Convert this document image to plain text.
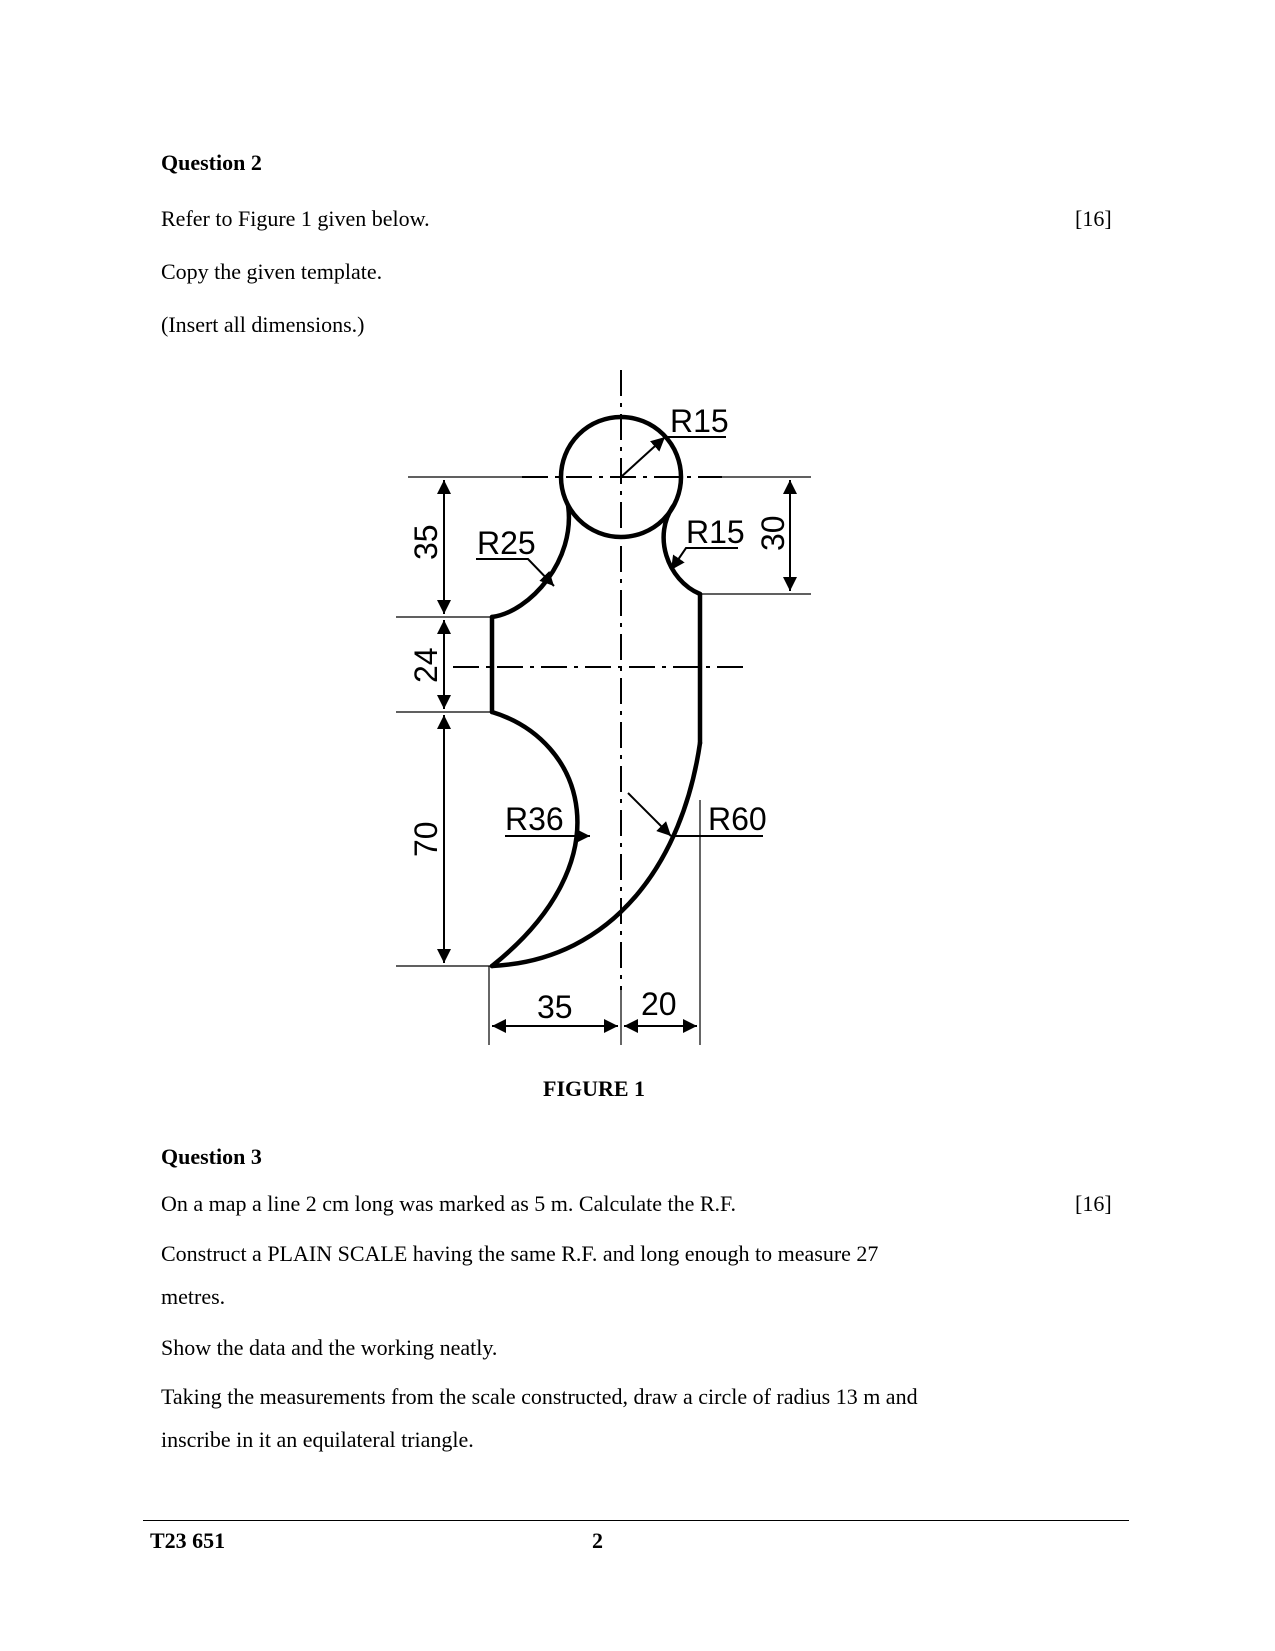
Question 2
Refer to Figure 1 given below.	[16]
Copy the given template.
(Insert all dimensions.)
R15
R25	R15
R36	R60
35
24
70
30
35 20
FIGURE 1
Question 3
On a map a line 2 cm long was marked as 5 m. Calculate the R.F.	[16]
Construct a PLAIN SCALE having the same R.F. and long enough to measure 27
metres.
Show the data and the working neatly.
Taking the measurements from the scale constructed, draw a circle of radius 13 m and
inscribe in it an equilateral triangle.
T23 651	2
